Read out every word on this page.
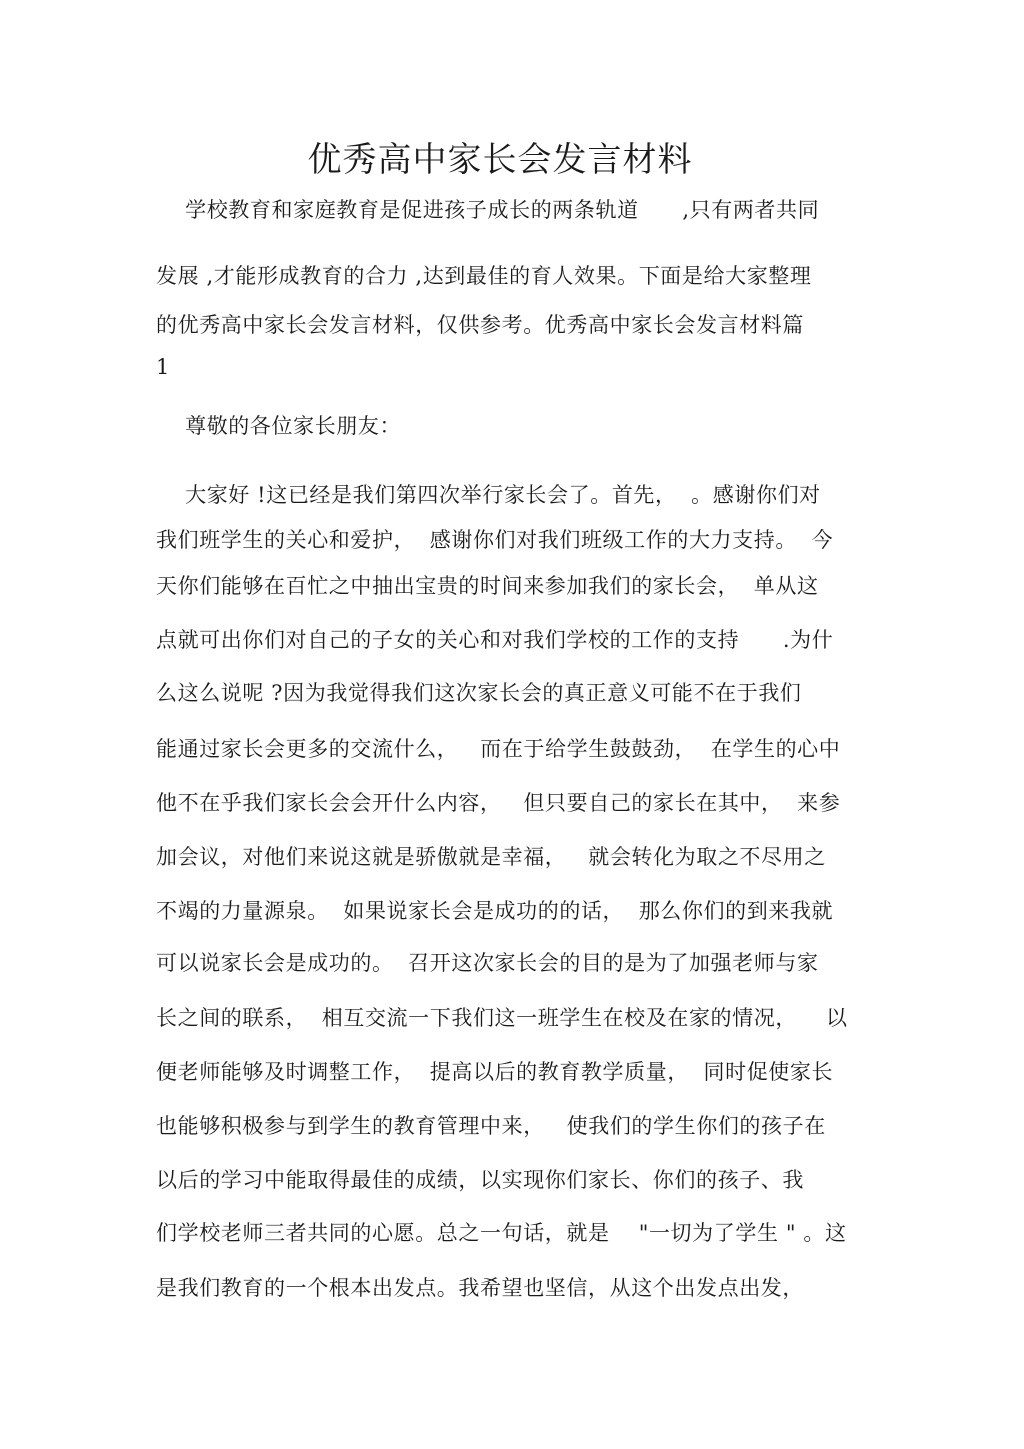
优秀高中家长会发言材料
学校教育和家庭教育是促进孩子成长的两条轨道      ,只有两者共同
发展 ,才能形成教育的合力 ,达到最佳的育人效果。下面是给大家整理
的优秀高中家长会发言材料，仅供参考。优秀高中家长会发言材料篇
1
尊敬的各位家长朋友：
大家好 !这已经是我们第四次举行家长会了。首先，  。感谢你们对
我们班学生的关心和爱护，  感谢你们对我们班级工作的大力支持。  今
天你们能够在百忙之中抽出宝贵的时间来参加我们的家长会，  单从这
点就可出你们对自己的子女的关心和对我们学校的工作的支持      .为什
么这么说呢 ?因为我觉得我们这次家长会的真正意义可能不在于我们
能通过家长会更多的交流什么，   而在于给学生鼓鼓劲，  在学生的心中
他不在乎我们家长会会开什么内容，   但只要自己的家长在其中，  来参
加会议，对他们来说这就是骄傲就是幸福，   就会转化为取之不尽用之
不竭的力量源泉。  如果说家长会是成功的的话，  那么你们的到来我就
可以说家长会是成功的。  召开这次家长会的目的是为了加强老师与家
长之间的联系，  相互交流一下我们这一班学生在校及在家的情况，    以
便老师能够及时调整工作，  提高以后的教育教学质量，  同时促使家长
也能够积极参与到学生的教育管理中来，   使我们的学生你们的孩子在
以后的学习中能取得最佳的成绩，以实现你们家长、你们的孩子、我
们学校老师三者共同的心愿。总之一句话，就是    "一切为了学生 " 。这
是我们教育的一个根本出发点。我希望也坚信，从这个出发点出发，
